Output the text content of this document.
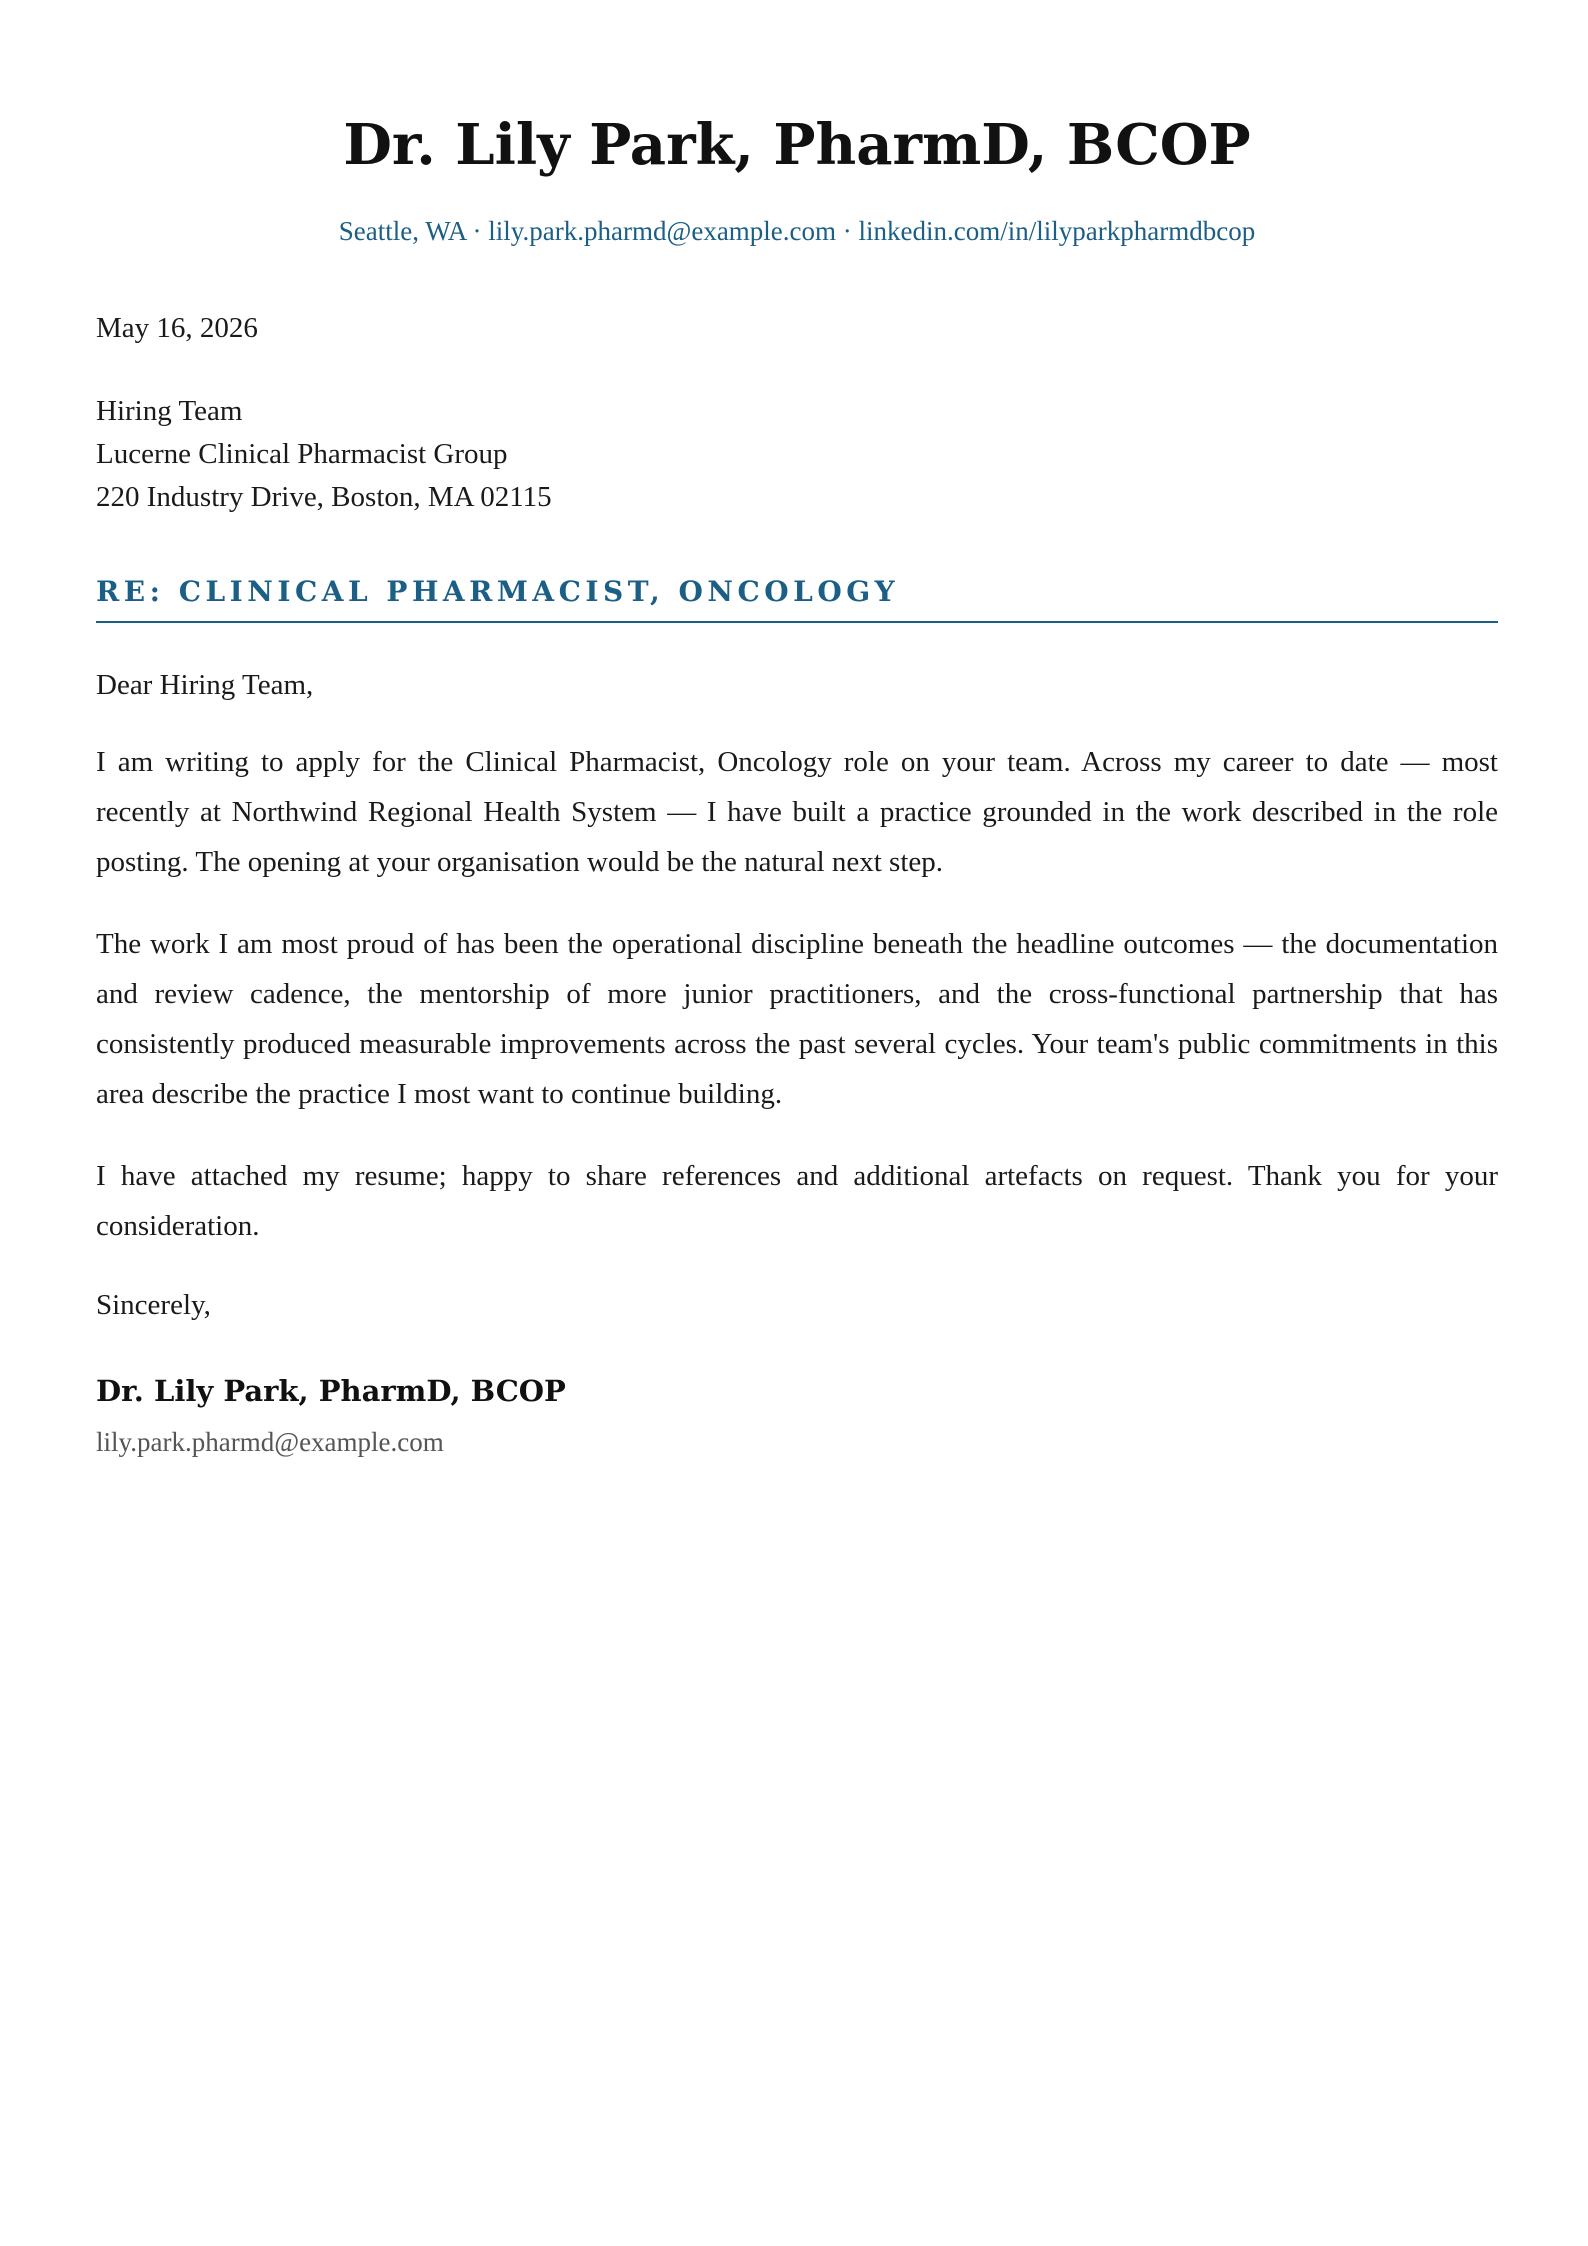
Dr. Lily Park, PharmD, BCOP
Seattle, WA · lily.park.pharmd@example.com · linkedin.com/in/lilyparkpharmdbcop
May 16, 2026
Hiring Team
Lucerne Clinical Pharmacist Group
220 Industry Drive, Boston, MA 02115
RE: CLINICAL PHARMACIST, ONCOLOGY
Dear Hiring Team,

I am writing to apply for the Clinical Pharmacist, Oncology role on your team. Across my career to date — most recently at Northwind Regional Health System — I have built a practice grounded in the work described in the role posting. The opening at your organisation would be the natural next step.

The work I am most proud of has been the operational discipline beneath the headline outcomes — the documentation and review cadence, the mentorship of more junior practitioners, and the cross-functional partnership that has consistently produced measurable improvements across the past several cycles. Your team's public commitments in this area describe the practice I most want to continue building.

I have attached my resume; happy to share references and additional artefacts on request. Thank you for your consideration.

Sincerely,
Dr. Lily Park, PharmD, BCOP
lily.park.pharmd@example.com
